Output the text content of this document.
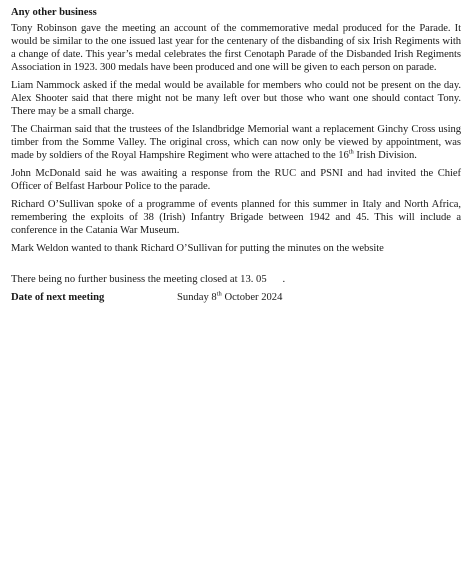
Any other business

Tony Robinson gave the meeting an account of the commemorative medal produced for the Parade. It would be similar to the one issued last year for the centenary of the disbanding of six Irish Regiments with a change of date. This year’s medal celebrates the first Cenotaph Parade of the Disbanded Irish Regiments Association in 1923. 300 medals have been produced and one will be given to each person on parade.

Liam Nammock asked if the medal would be available for members who could not be present on the day. Alex Shooter said that there might not be many left over but those who want one should contact Tony. There may be a small charge.

The Chairman said that the trustees of the Islandbridge Memorial want a replacement Ginchy Cross using timber from the Somme Valley. The original cross, which can now only be viewed by appointment, was made by soldiers of the Royal Hampshire Regiment who were attached to the 16th Irish Division.

John McDonald said he was awaiting a response from the RUC and PSNI and had invited the Chief Officer of Belfast Harbour Police to the parade.

Richard O’Sullivan spoke of a programme of events planned for this summer in Italy and North Africa, remembering the exploits of 38 (Irish) Infantry Brigade between 1942 and 45. This will include a conference in the Catania War Museum.

Mark Weldon wanted to thank Richard O’Sullivan for putting the minutes on the website

There being no further business the meeting closed at 13. 05      .
Date of next meeting	Sunday 8th October 2024
